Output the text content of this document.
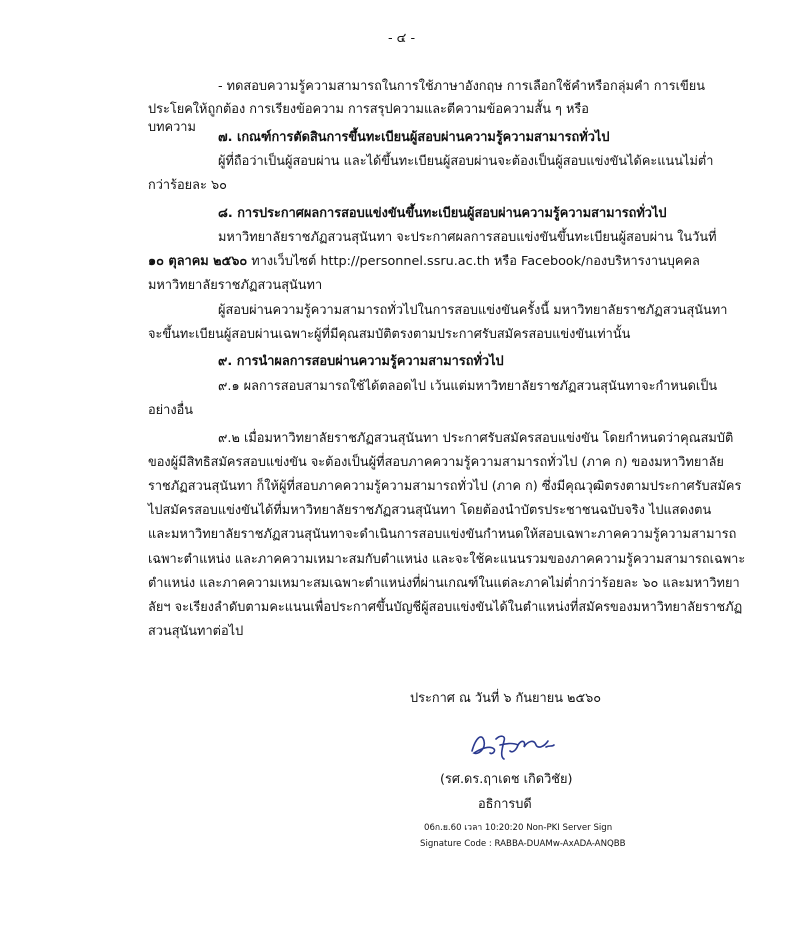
- ๔ -
- ทดสอบความรู้ความสามารถในการใช้ภาษาอังกฤษ การเลือกใช้คำหรือกลุ่มคำ การเขียน
ประโยคให้ถูกต้อง การเรียงข้อความ การสรุปความและตีความข้อความสั้น ๆ หรือบทความ
๗. เกณฑ์การตัดสินการขึ้นทะเบียนผู้สอบผ่านความรู้ความสามารถทั่วไป
ผู้ที่ถือว่าเป็นผู้สอบผ่าน และได้ขึ้นทะเบียนผู้สอบผ่านจะต้องเป็นผู้สอบแข่งขันได้คะแนนไม่ต่ำ
กว่าร้อยละ ๖๐
๘. การประกาศผลการสอบแข่งขันขึ้นทะเบียนผู้สอบผ่านความรู้ความสามารถทั่วไป
มหาวิทยาลัยราชภัฏสวนสุนันทา จะประกาศผลการสอบแข่งขันขึ้นทะเบียนผู้สอบผ่าน ในวันที่
๑๐ ตุลาคม ๒๕๖๐ ทางเว็บไซต์ http://personnel.ssru.ac.th หรือ Facebook/กองบริหารงานบุคคล
มหาวิทยาลัยราชภัฏสวนสุนันทา
ผู้สอบผ่านความรู้ความสามารถทั่วไปในการสอบแข่งขันครั้งนี้ มหาวิทยาลัยราชภัฏสวนสุนันทา
จะขึ้นทะเบียนผู้สอบผ่านเฉพาะผู้ที่มีคุณสมบัติตรงตามประกาศรับสมัครสอบแข่งขันเท่านั้น
๙. การนำผลการสอบผ่านความรู้ความสามารถทั่วไป
๙.๑ ผลการสอบสามารถใช้ได้ตลอดไป เว้นแต่มหาวิทยาลัยราชภัฏสวนสุนันทาจะกำหนดเป็น
อย่างอื่น
๙.๒ เมื่อมหาวิทยาลัยราชภัฏสวนสุนันทา ประกาศรับสมัครสอบแข่งขัน โดยกำหนดว่าคุณสมบัติ
ของผู้มีสิทธิสมัครสอบแข่งขัน จะต้องเป็นผู้ที่สอบภาคความรู้ความสามารถทั่วไป (ภาค ก) ของมหาวิทยาลัย
ราชภัฏสวนสุนันทา ก็ให้ผู้ที่สอบภาคความรู้ความสามารถทั่วไป (ภาค ก) ซึ่งมีคุณวุฒิตรงตามประกาศรับสมัคร
ไปสมัครสอบแข่งขันได้ที่มหาวิทยาลัยราชภัฏสวนสุนันทา โดยต้องนำบัตรประชาชนฉบับจริง ไปแสดงตน
และมหาวิทยาลัยราชภัฏสวนสุนันทาจะดำเนินการสอบแข่งขันกำหนดให้สอบเฉพาะภาคความรู้ความสามารถ
เฉพาะตำแหน่ง และภาคความเหมาะสมกับตำแหน่ง และจะใช้คะแนนรวมของภาคความรู้ความสามารถเฉพาะ
ตำแหน่ง และภาคความเหมาะสมเฉพาะตำแหน่งที่ผ่านเกณฑ์ในแต่ละภาคไม่ต่ำกว่าร้อยละ ๖๐ และมหาวิทยา
ลัยฯ จะเรียงลำดับตามคะแนนเพื่อประกาศขึ้นบัญชีผู้สอบแข่งขันได้ในตำแหน่งที่สมัครของมหาวิทยาลัยราชภัฏ
สวนสุนันทาต่อไป
ประกาศ ณ วันที่ ๖ กันยายน ๒๕๖๐
(รศ.ดร.ฤาเดช เกิดวิชัย)
อธิการบดี
06ก.ย.60 เวลา 10:20:20 Non-PKI Server Sign
Signature Code : RABBA-DUAMw-AxADA-ANQBB
